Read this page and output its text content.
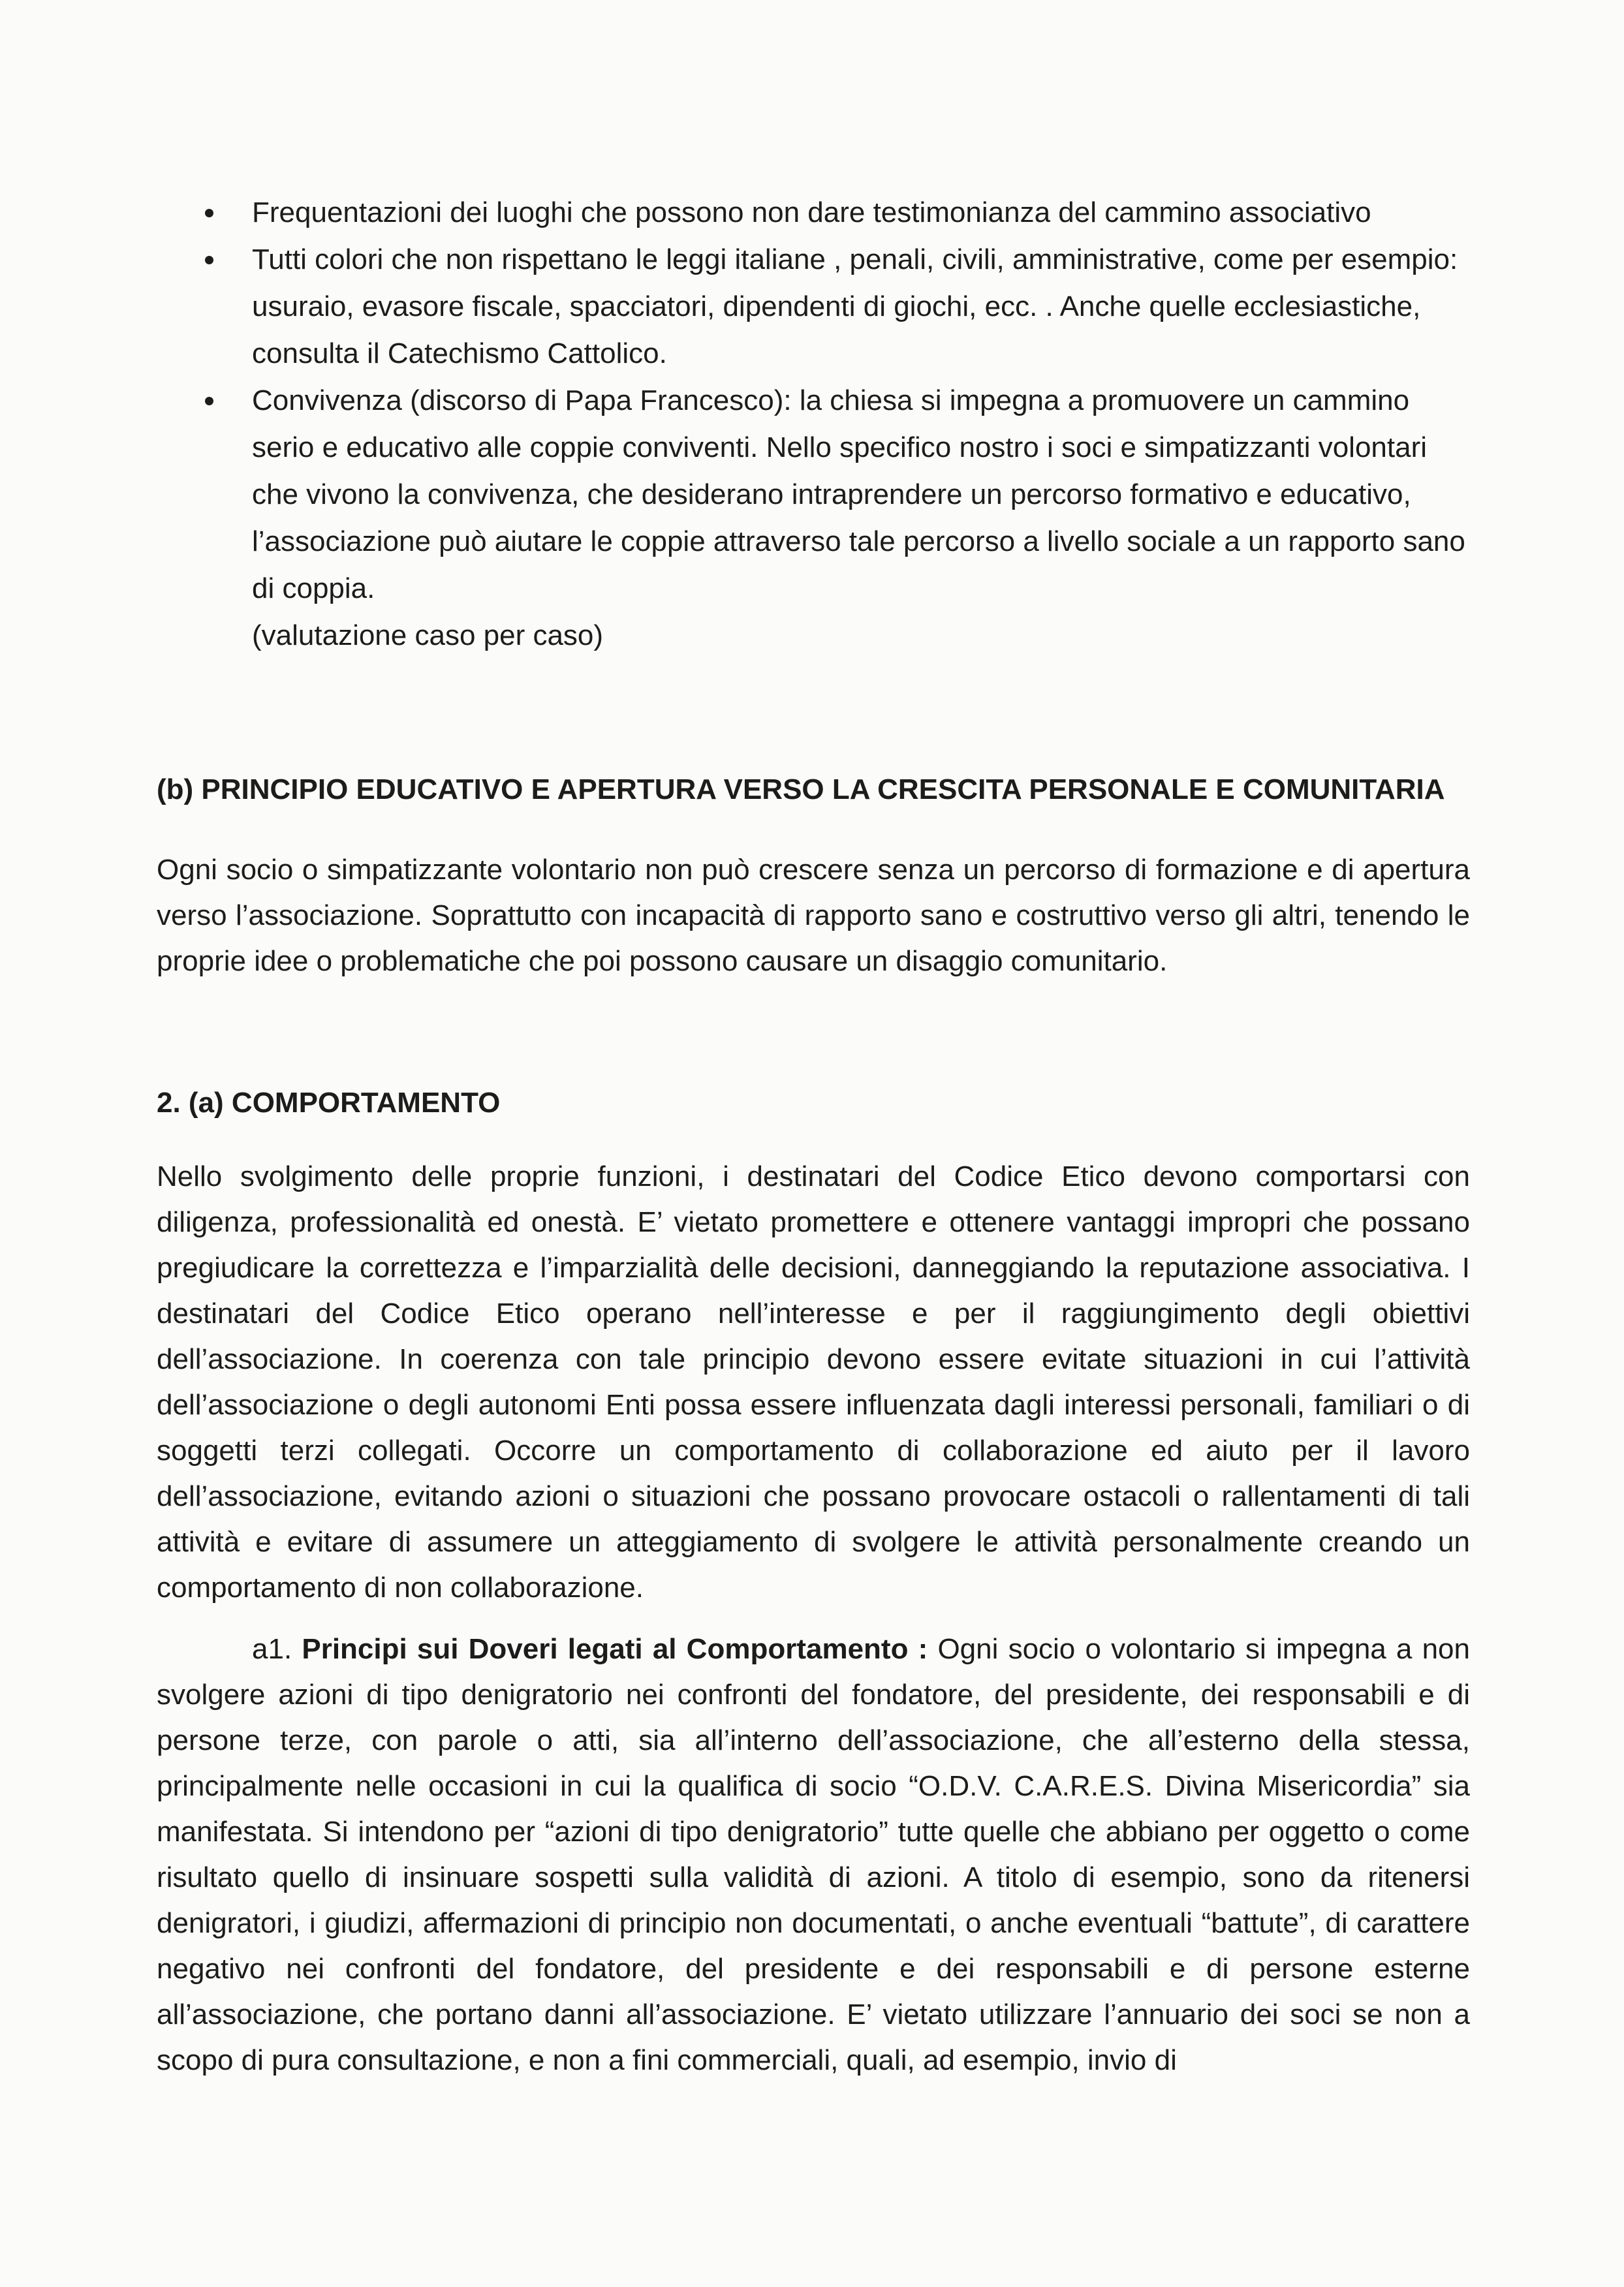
Frequentazioni dei luoghi che possono non dare testimonianza del cammino associativo
Tutti colori che non rispettano le leggi italiane , penali, civili, amministrative, come per esempio: usuraio, evasore fiscale, spacciatori, dipendenti di giochi, ecc. . Anche quelle ecclesiastiche, consulta il Catechismo Cattolico.
Convivenza (discorso di Papa Francesco): la chiesa si impegna a promuovere un cammino serio e educativo alle coppie conviventi. Nello specifico nostro i soci e simpatizzanti volontari che vivono la convivenza, che desiderano intraprendere un percorso formativo e educativo, l’associazione può aiutare le coppie attraverso tale percorso a livello sociale a un rapporto sano di coppia.
(valutazione caso per caso)
(b) PRINCIPIO EDUCATIVO E APERTURA VERSO LA CRESCITA PERSONALE E COMUNITARIA

Ogni socio o simpatizzante volontario non può crescere senza un percorso di formazione e di apertura verso l’associazione. Soprattutto con incapacità di rapporto sano e costruttivo verso gli altri, tenendo le proprie idee o problematiche che poi possono causare un disaggio comunitario.

2. (a) COMPORTAMENTO

Nello svolgimento delle proprie funzioni, i destinatari del Codice Etico devono comportarsi con diligenza, professionalità ed onestà. E’ vietato promettere e ottenere vantaggi impropri che possano pregiudicare la correttezza e l’imparzialità delle decisioni, danneggiando la reputazione associativa. I destinatari del Codice Etico operano nell’interesse e per il raggiungimento degli obiettivi dell’associazione. In coerenza con tale principio devono essere evitate situazioni in cui l’attività dell’associazione o degli autonomi Enti possa essere influenzata dagli interessi personali, familiari o di soggetti terzi collegati. Occorre un comportamento di collaborazione ed aiuto per il lavoro dell’associazione, evitando azioni o situazioni che possano provocare ostacoli o rallentamenti di tali attività e evitare di assumere un atteggiamento di svolgere le attività personalmente creando un comportamento di non collaborazione.

a1. Principi sui Doveri legati al Comportamento : Ogni socio o volontario si impegna a non svolgere azioni di tipo denigratorio nei confronti del fondatore, del presidente, dei responsabili e di persone terze, con parole o atti, sia all’interno dell’associazione, che all’esterno della stessa, principalmente nelle occasioni in cui la qualifica di socio “O.D.V. C.A.R.E.S. Divina Misericordia” sia manifestata. Si intendono per “azioni di tipo denigratorio” tutte quelle che abbiano per oggetto o come risultato quello di insinuare sospetti sulla validità di azioni. A titolo di esempio, sono da ritenersi denigratori, i giudizi, affermazioni di principio non documentati, o anche eventuali “battute”, di carattere negativo nei confronti del fondatore, del presidente e dei responsabili e di persone esterne all’associazione, che portano danni all’associazione. E’ vietato utilizzare l’annuario dei soci se non a scopo di pura consultazione, e non a fini commerciali, quali, ad esempio, invio di
